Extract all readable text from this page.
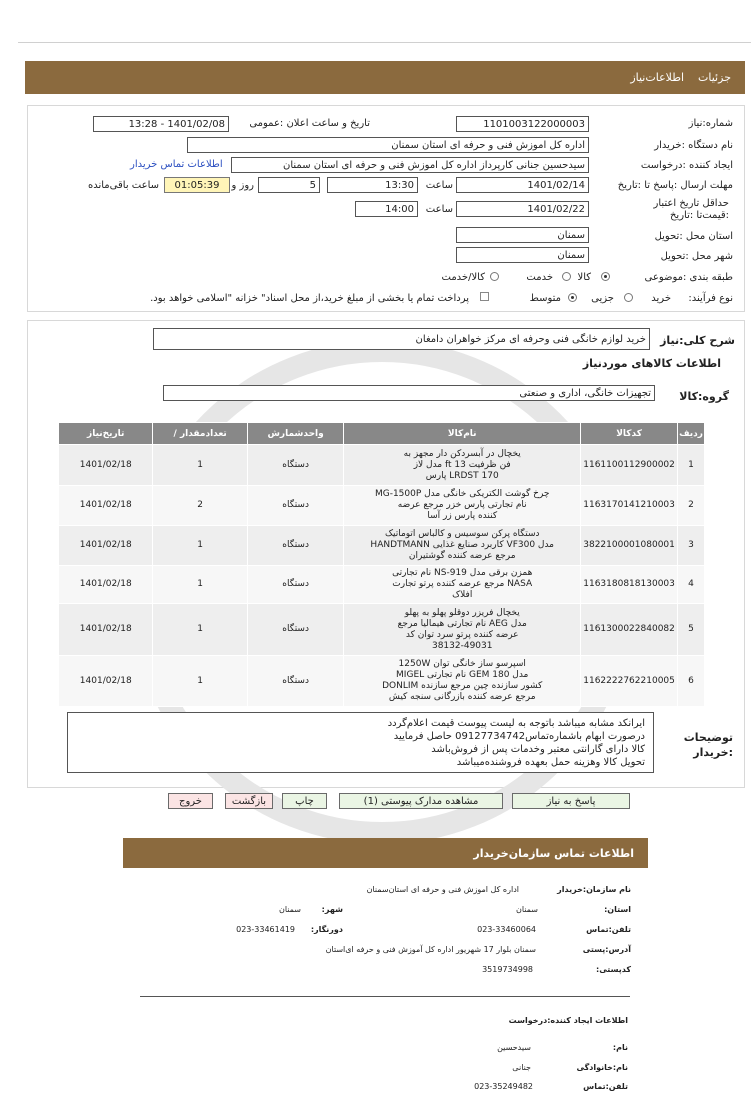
جزئیات    اطلاعات‌نیاز
شماره:نیاز
1101003122000003
تاریخ و ساعت اعلان :عمومی
1401/02/08 - 13:28
نام دستگاه :خریدار
اداره کل اموزش فنی و حرفه ای استان سمنان
ایجاد کننده :درخواست
سیدحسین جنانی کارپرداز اداره کل اموزش فنی و حرفه ای استان سمنان
اطلاعات تماس خریدار
مهلت ارسال :پاسخ تا :تاریخ
1401/02/14
ساعت
13:30
5
روز و
01:05:39
ساعت باقی‌مانده
حداقل تاریخ اعتبار :قیمت‌تا :تاریخ
1401/02/22
ساعت
14:00
استان محل :تحویل
سمنان
شهر محل :تحویل
سمنان
طبقه بندی :موضوعی
کالا
خدمت
کالا/خدمت
نوع فرآیند:
خرید
جزیی
متوسط
پرداخت تمام یا بخشی از مبلغ خرید،از محل اسناد" خزانه "اسلامی خواهد بود.
شرح کلی:نیاز
خرید لوازم خانگی فنی وحرفه ای مرکز خواهران دامغان
اطلاعات کالاهای موردنیاز
گروه:کالا
تجهیزات خانگی، اداری و صنعتی
تاریخ‌نیاز	/ تعدادمقدار	واحدشمارش	نام‌کالا	کدکالا	ردیف
1401/02/18	1	دستگاه	یخچال در آبسردکن دار مجهز به
فن ظرفیت 13 ft مدل لاز
LRDST 170 پارس	1161100112900002	1
1401/02/18	2	دستگاه	چرخ گوشت الکتریکی خانگی مدل MG-1500P
نام تجارتی پارس خزر مرجع عرضه
کننده پارس زر آسا	1163170141210003	2
1401/02/18	1	دستگاه	دستگاه پرکن سوسیس و کالباس اتوماتیک
مدل VF300 کاربرد صنایع غذایی HANDTMANN
مرجع عرضه کننده گوشتیران	3822100001080001	3
1401/02/18	1	دستگاه	همزن برقی مدل NS-919 نام تجارتی
NASA مرجع عرضه کننده پرتو تجارت
افلاک	1163180818130003	4
1401/02/18	1	دستگاه	یخچال فریزر دوقلو پهلو به پهلو
مدل AEG نام تجارتی هیمالیا مرجع
عرضه کننده پرتو سرد توان کد
38132-49031	1161300022840082	5
1401/02/18	1	دستگاه	اسپرسو ساز خانگی توان 1250W
مدل GEM 180 نام تجارتی MIGEL
کشور سازنده چین مرجع سازنده DONLIM
مرجع عرضه کننده بازرگانی سنجه کیش	1162222762210005	6
توضیحات :خریدار
ایرانکد مشابه میباشد باتوجه به لیست پیوست قیمت اعلام‌گردد
درصورت ابهام باشماره‌تماس09127734742 حاصل فرمایید
کالا دارای گارانتی معتبر وخدمات پس از فروش‌باشد
تحویل کالا وهزینه حمل بعهده فروشنده‌میباشد
پاسخ به نیاز
مشاهده مدارک پیوستی (1)
چاپ
بازگشت
خروج
اطلاعات تماس سازمان‌خریدار
نام سازمان:خریدار
اداره کل اموزش فنی و حرفه ای استان‌سمنان
استان:
سمنان
شهر:
سمنان
تلفن:تماس
023-33460064
دورنگار:
023-33461419
آدرس:پستی
سمنان بلوار 17 شهریور اداره کل آموزش فنی و حرفه ای‌استان
کدپستی:
3519734998
اطلاعات ایجاد کننده:درخواست
نام:
سیدحسین
نام:خانوادگی
جنانی
تلفن:تماس
023-35249482
